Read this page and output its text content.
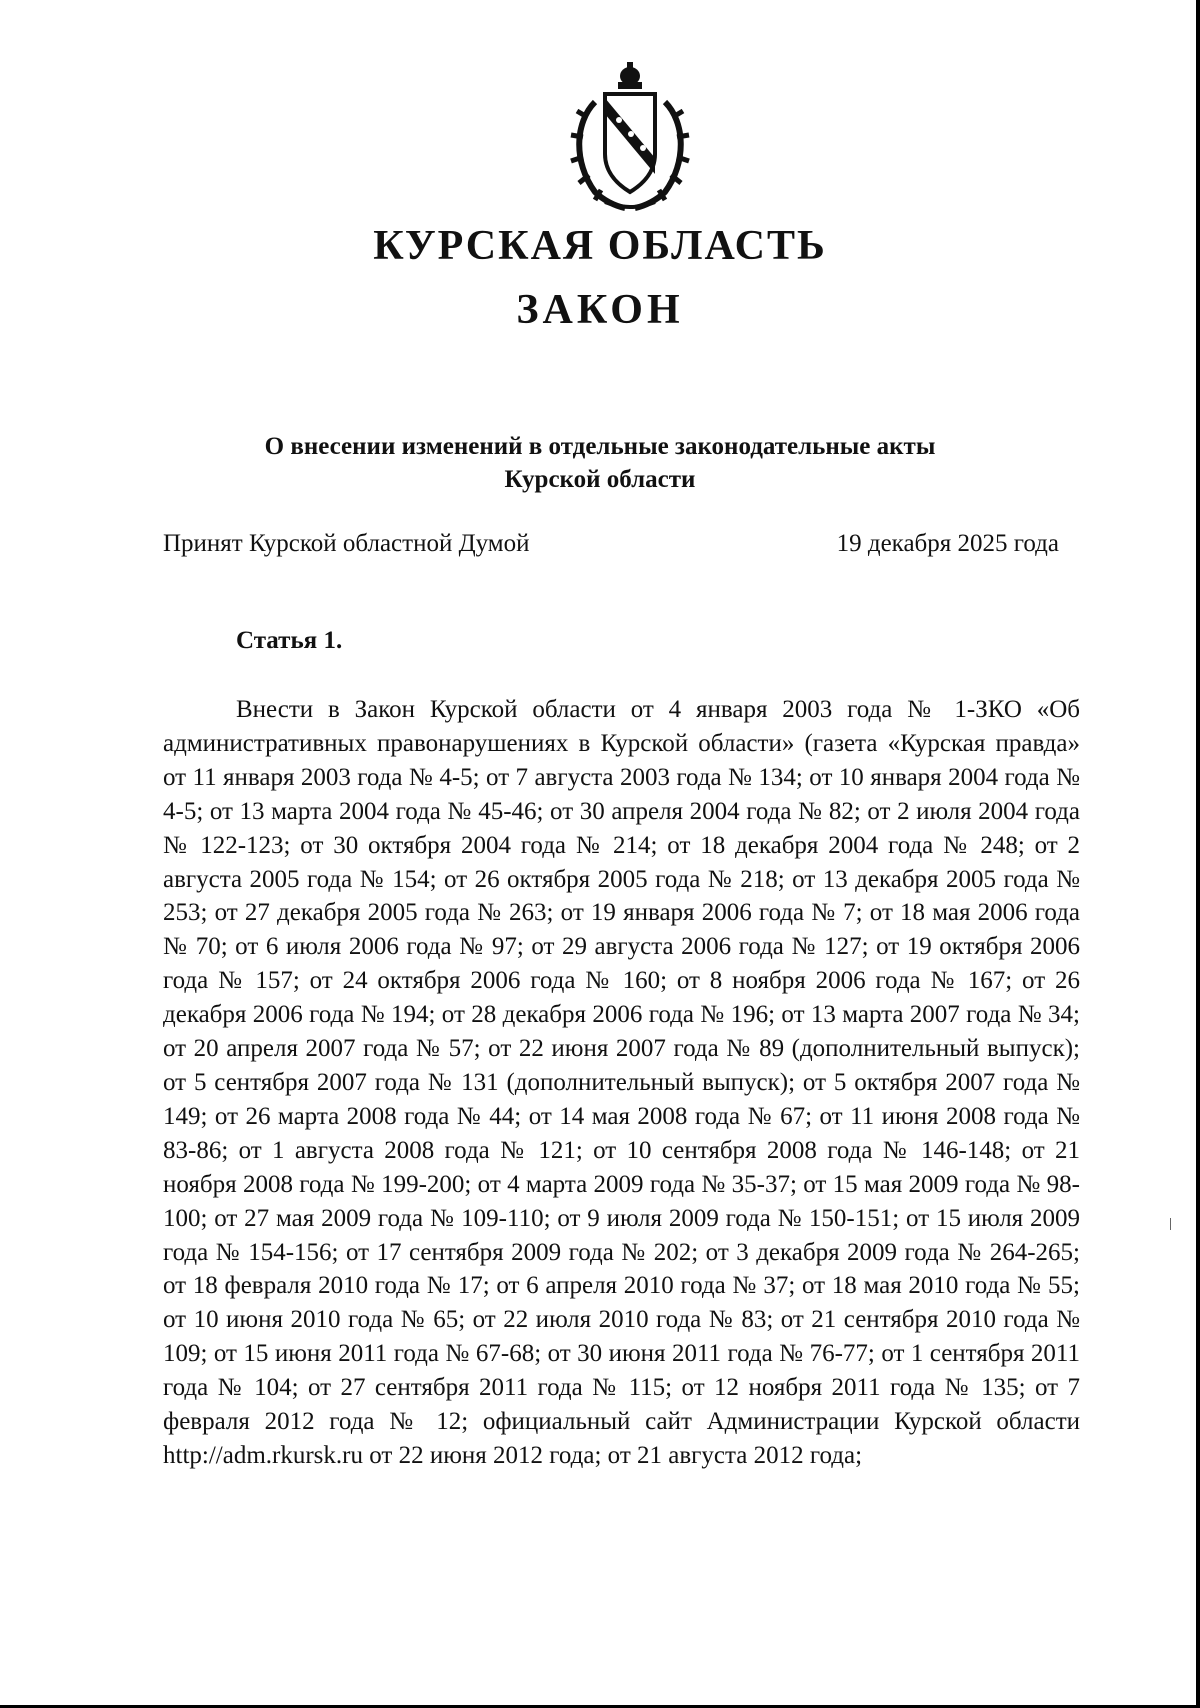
КУРСКАЯ ОБЛАСТЬ
ЗАКОН
О внесении изменений в отдельные законодательные акты
Курской области
Принят Курской областной Думой	19 декабря 2025 года
Статья 1.

Внести в Закон Курской области от 4 января 2003 года № 1-ЗКО «Об административных правонарушениях в Курской области» (газета «Курская правда» от 11 января 2003 года № 4-5; от 7 августа 2003 года № 134; от 10 января 2004 года № 4-5; от 13 марта 2004 года № 45-46; от 30 апреля 2004 года № 82; от 2 июля 2004 года № 122-123; от 30 октября 2004 года № 214; от 18 декабря 2004 года № 248; от 2 августа 2005 года № 154; от 26 октября 2005 года № 218; от 13 декабря 2005 года № 253; от 27 декабря 2005 года № 263; от 19 января 2006 года № 7; от 18 мая 2006 года № 70; от 6 июля 2006 года № 97; от 29 августа 2006 года № 127; от 19 октября 2006 года № 157; от 24 октября 2006 года № 160; от 8 ноября 2006 года № 167; от 26 декабря 2006 года № 194; от 28 декабря 2006 года № 196; от 13 марта 2007 года № 34; от 20 апреля 2007 года № 57; от 22 июня 2007 года № 89 (дополнительный выпуск); от 5 сентября 2007 года № 131 (дополнительный выпуск); от 5 октября 2007 года № 149; от 26 марта 2008 года № 44; от 14 мая 2008 года № 67; от 11 июня 2008 года № 83-86; от 1 августа 2008 года № 121; от 10 сентября 2008 года № 146-148; от 21 ноября 2008 года № 199-200; от 4 марта 2009 года № 35-37; от 15 мая 2009 года № 98-100; от 27 мая 2009 года № 109-110; от 9 июля 2009 года № 150-151; от 15 июля 2009 года № 154-156; от 17 сентября 2009 года № 202; от 3 декабря 2009 года № 264-265; от 18 февраля 2010 года № 17; от 6 апреля 2010 года № 37; от 18 мая 2010 года № 55; от 10 июня 2010 года № 65; от 22 июля 2010 года № 83; от 21 сентября 2010 года № 109; от 15 июня 2011 года № 67-68; от 30 июня 2011 года № 76-77; от 1 сентября 2011 года № 104; от 27 сентября 2011 года № 115; от 12 ноября 2011 года № 135; от 7 февраля 2012 года № 12; официальный сайт Администрации Курской области http://adm.rkursk.ru от 22 июня 2012 года; от 21 августа 2012 года;
